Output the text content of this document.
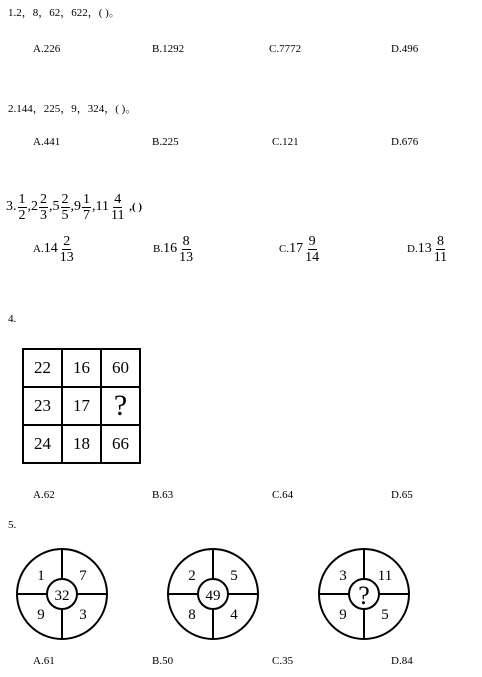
1.2，8，62，622，( )。
A.226	B.1292	C.7772	D.496
2.144，225，9，324，( )。
A.441	B.225	C.121	D.676
3. $\frac{1}{2} ,2 \frac{2}{3} ,5 \frac{2}{5} ,9 \frac{1}{7} ,11 \frac{4}{11}$ ,( )
$A.14 \frac{2}{13}$	$B.16 \frac{8}{13}$	$C.17 \frac{9}{14}$	$D.13 \frac{8}{11}$
4.
22	16	60
23	17	?
24	18	66
A.62	B.63	C.64	D.65
5.
1 7
9 3
32
2 5
8 4
49
3 11
9 5
?
A.61	B.50	C.35	D.84
